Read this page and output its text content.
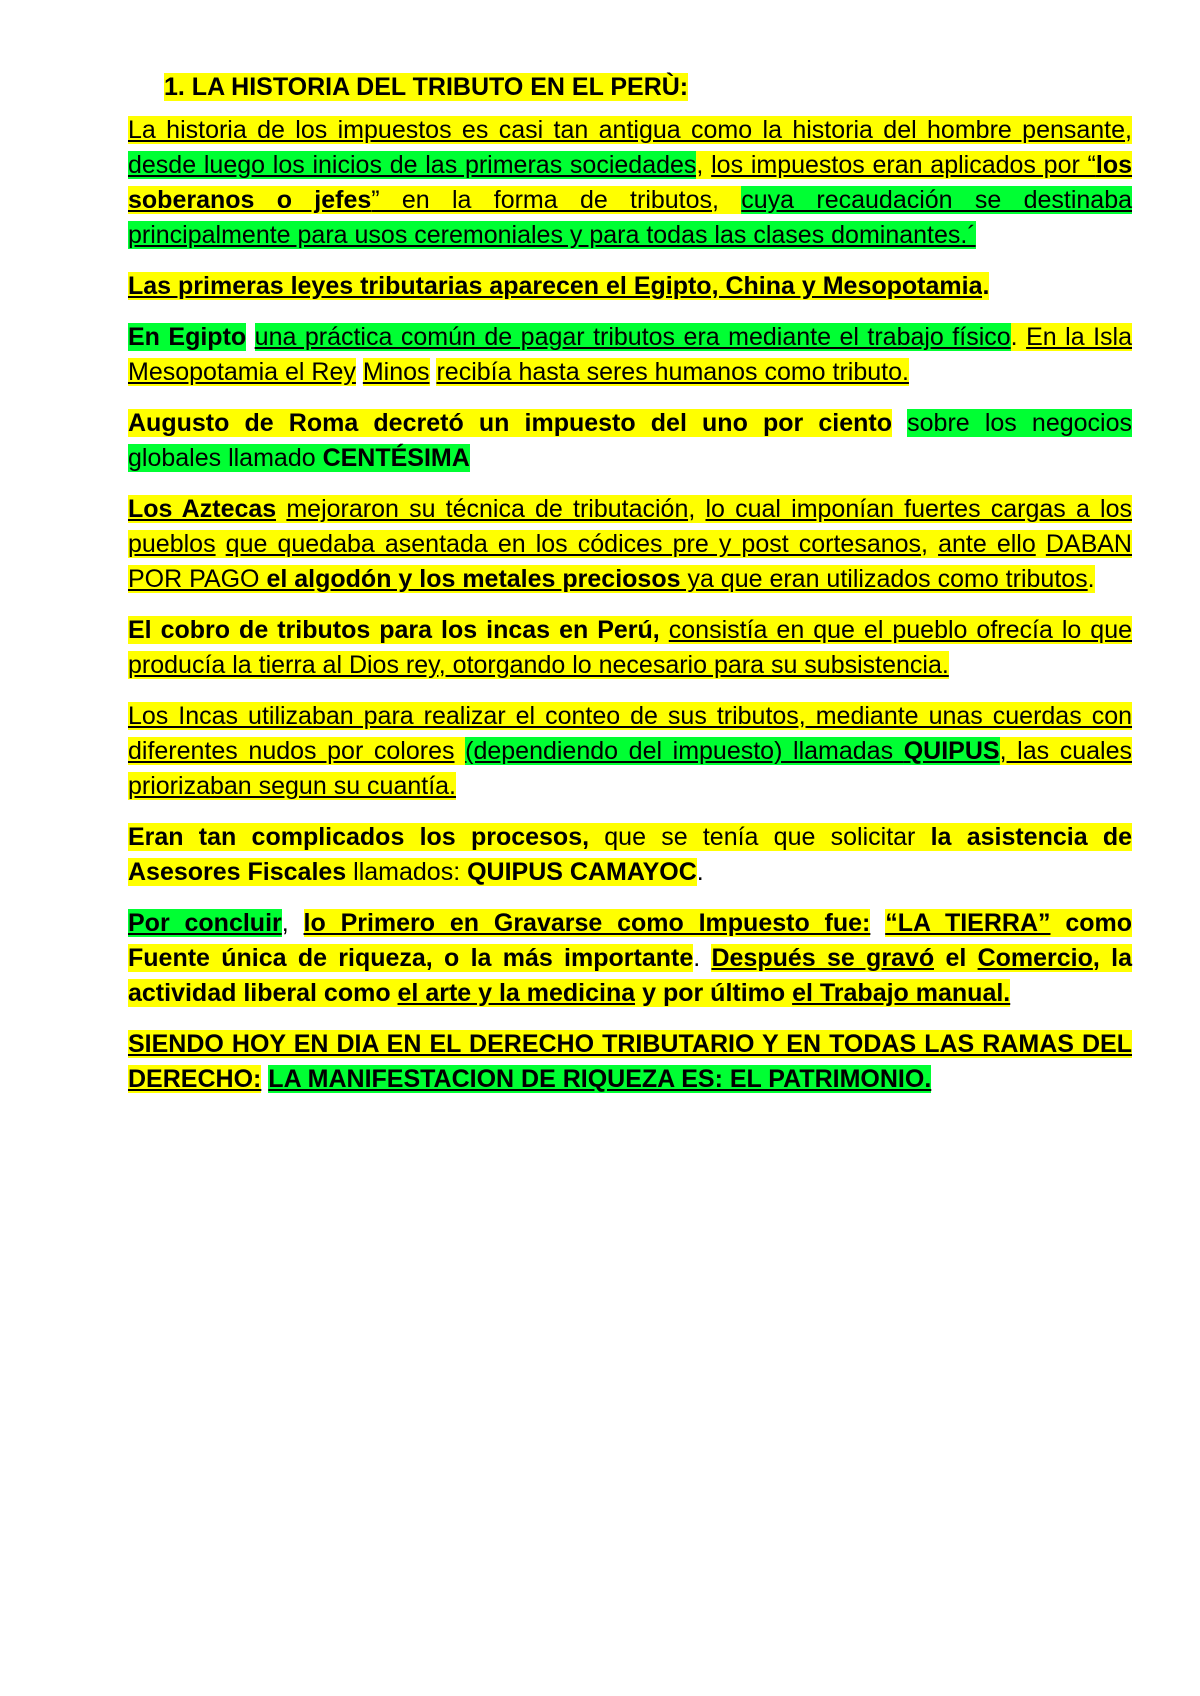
1. LA HISTORIA DEL TRIBUTO EN EL PERÙ:

La historia de los impuestos es casi tan antigua como la historia del hombre pensante, desde luego los inicios de las primeras sociedades, los impuestos eran aplicados por “los soberanos o jefes” en la forma de tributos, cuya recaudación se destinaba principalmente para usos ceremoniales y para todas las clases dominantes.´

Las primeras leyes tributarias aparecen el Egipto, China y Mesopotamia.

En Egipto una práctica común de pagar tributos era mediante el trabajo físico. En la Isla Mesopotamia el Rey Minos recibía hasta seres humanos como tributo.

Augusto de Roma decretó un impuesto del uno por ciento sobre los negocios globales llamado CENTÉSIMA

Los Aztecas mejoraron su técnica de tributación, lo cual imponían fuertes cargas a los pueblos que quedaba asentada en los códices pre y post cortesanos, ante ello DABAN POR PAGO el algodón y los metales preciosos ya que eran utilizados como tributos.

El cobro de tributos para los incas en Perú, consistía en que el pueblo ofrecía lo que producía la tierra al Dios rey, otorgando lo necesario para su subsistencia.

Los Incas utilizaban para realizar el conteo de sus tributos, mediante unas cuerdas con diferentes nudos por colores (dependiendo del impuesto) llamadas QUIPUS, las cuales priorizaban segun su cuantía.

Eran tan complicados los procesos, que se tenía que solicitar la asistencia de Asesores Fiscales llamados: QUIPUS CAMAYOC.

Por concluir, lo Primero en Gravarse como Impuesto fue: “LA TIERRA” como Fuente única de riqueza, o la más importante. Después se gravó el Comercio, la actividad liberal como el arte y la medicina y por último el Trabajo manual.

SIENDO HOY EN DIA EN EL DERECHO TRIBUTARIO Y EN TODAS LAS RAMAS DEL DERECHO: LA MANIFESTACION DE RIQUEZA ES: EL PATRIMONIO.
